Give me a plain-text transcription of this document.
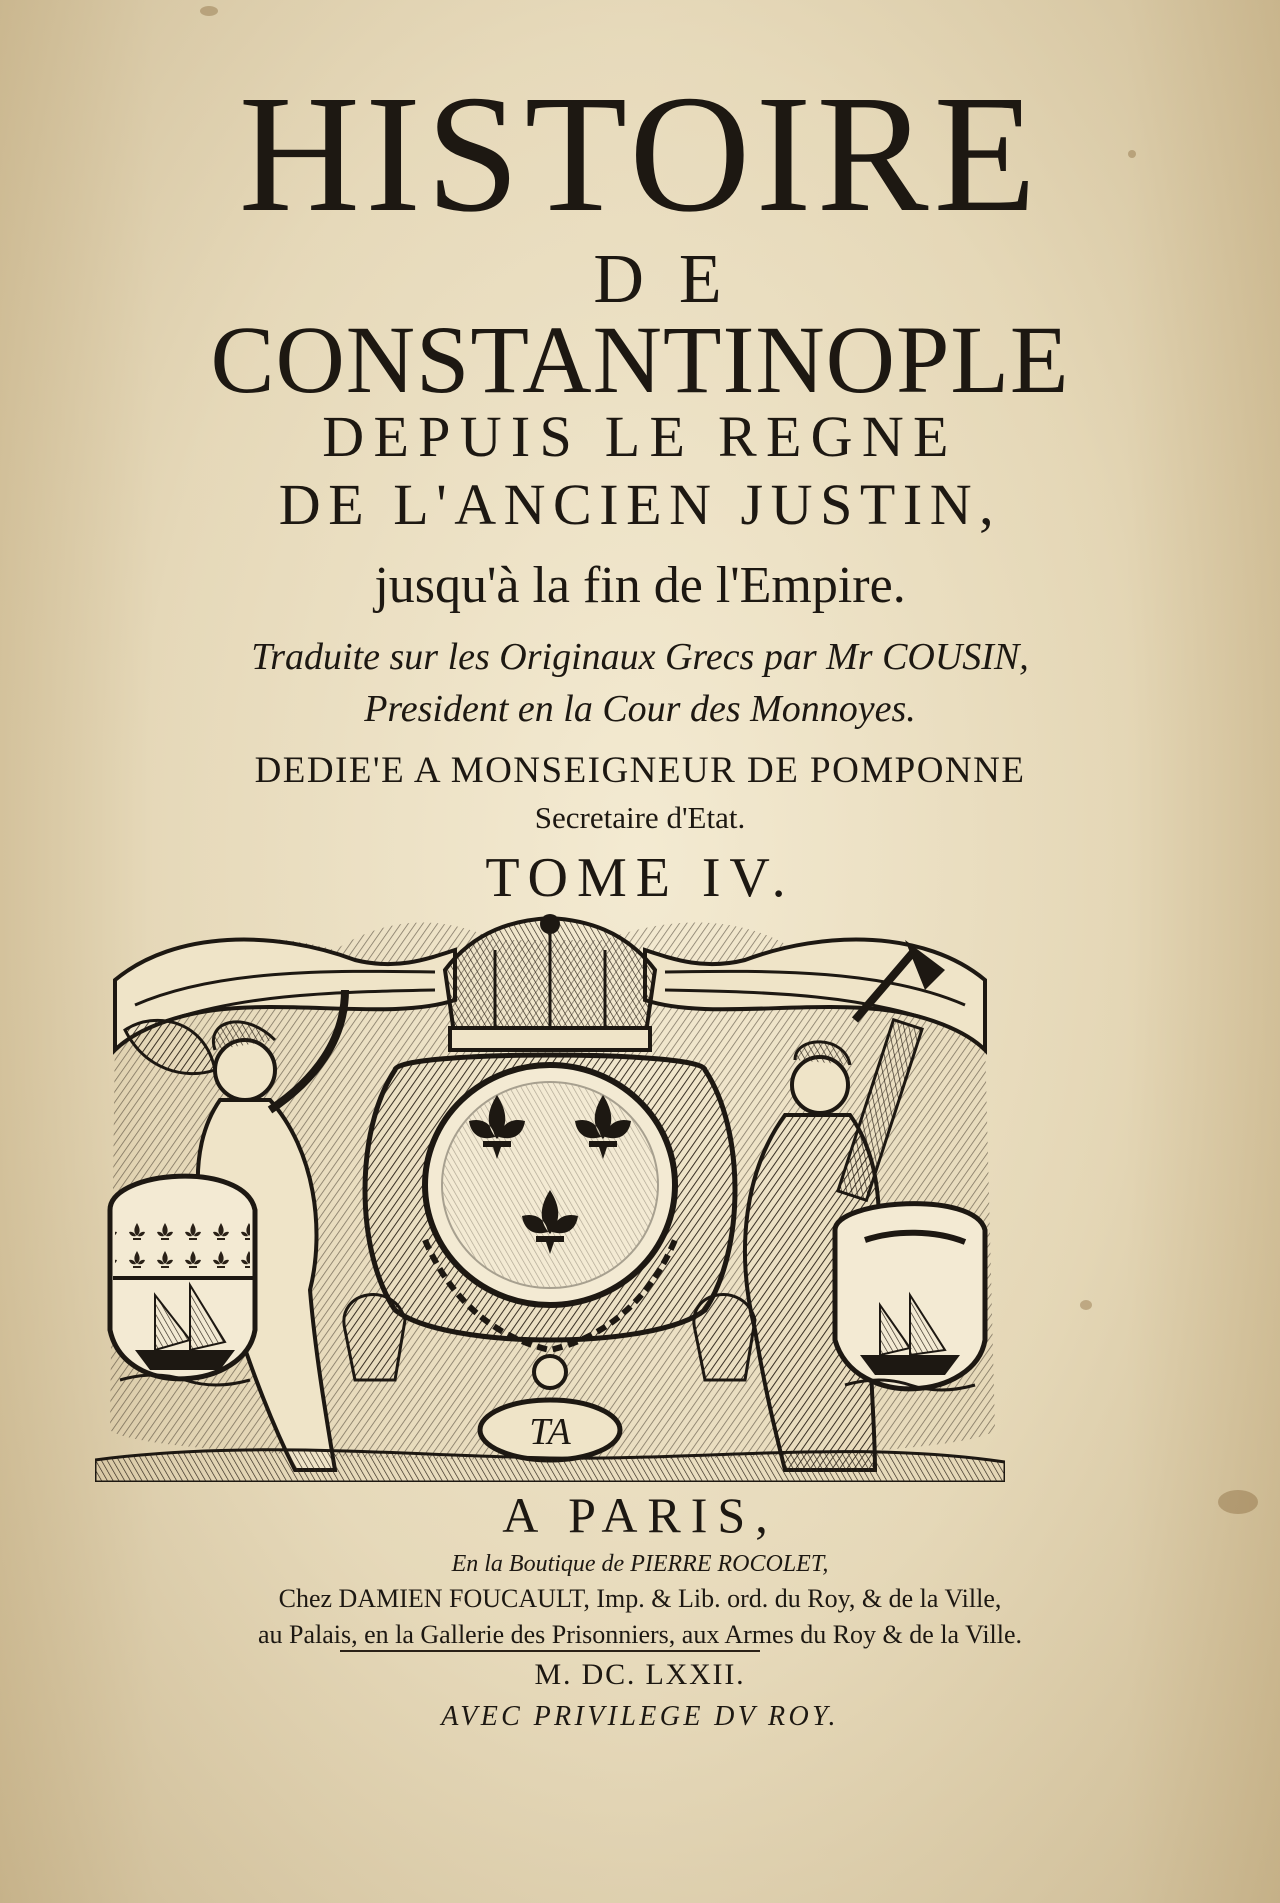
HISTOIRE
DE
CONSTANTINOPLE
DEPUIS LE REGNE
DE L'ANCIEN JUSTIN,
jusqu'à la fin de l'Empire.
Traduite sur les Originaux Grecs par Mr COUSIN,
President en la Cour des Monnoyes.
DEDIE'E A MONSEIGNEUR DE POMPONNE
Secretaire d'Etat.
TOME IV.
TA
A PARIS,
En la Boutique de PIERRE ROCOLET,
Chez DAMIEN FOUCAULT, Imp. & Lib. ord. du Roy, & de la Ville,
au Palais, en la Gallerie des Prisonniers, aux Armes du Roy & de la Ville.
M. DC. LXXII.
AVEC PRIVILEGE DV ROY.
